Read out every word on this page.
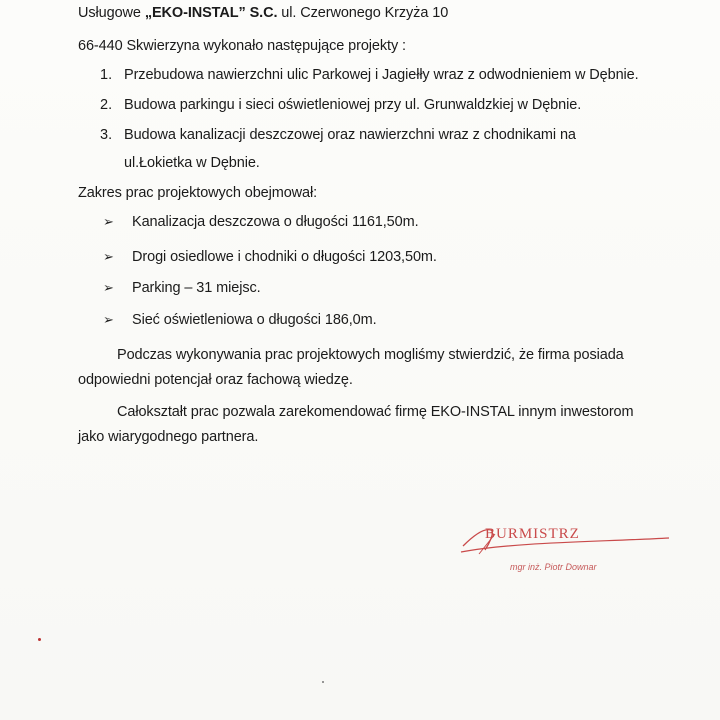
Usługowe „EKO-INSTAL” S.C. ul. Czerwonego Krzyża 10
66-440 Skwierzyna wykonało następujące projekty :
1. Przebudowa nawierzchni ulic Parkowej i Jagiełły wraz z odwodnieniem w Dębnie.
2. Budowa parkingu i sieci oświetleniowej przy ul. Grunwaldzkiej w Dębnie.
3. Budowa kanalizacji deszczowej oraz nawierzchni wraz z chodnikami na
ul.Łokietka w Dębnie.
Zakres prac projektowych obejmował:
➢ Kanalizacja deszczowa o długości 1161,50m.
➢ Drogi osiedlowe i chodniki o długości 1203,50m.
➢ Parking – 31 miejsc.
➢ Sieć oświetleniowa o długości 186,0m.
Podczas wykonywania prac projektowych mogliśmy stwierdzić, że firma posiada
odpowiedni potencjał oraz fachową wiedzę.
Całokształt prac pozwala zarekomendować firmę EKO-INSTAL innym inwestorom
jako wiarygodnego partnera.
BURMISTRZ
mgr inż. Piotr Downar
